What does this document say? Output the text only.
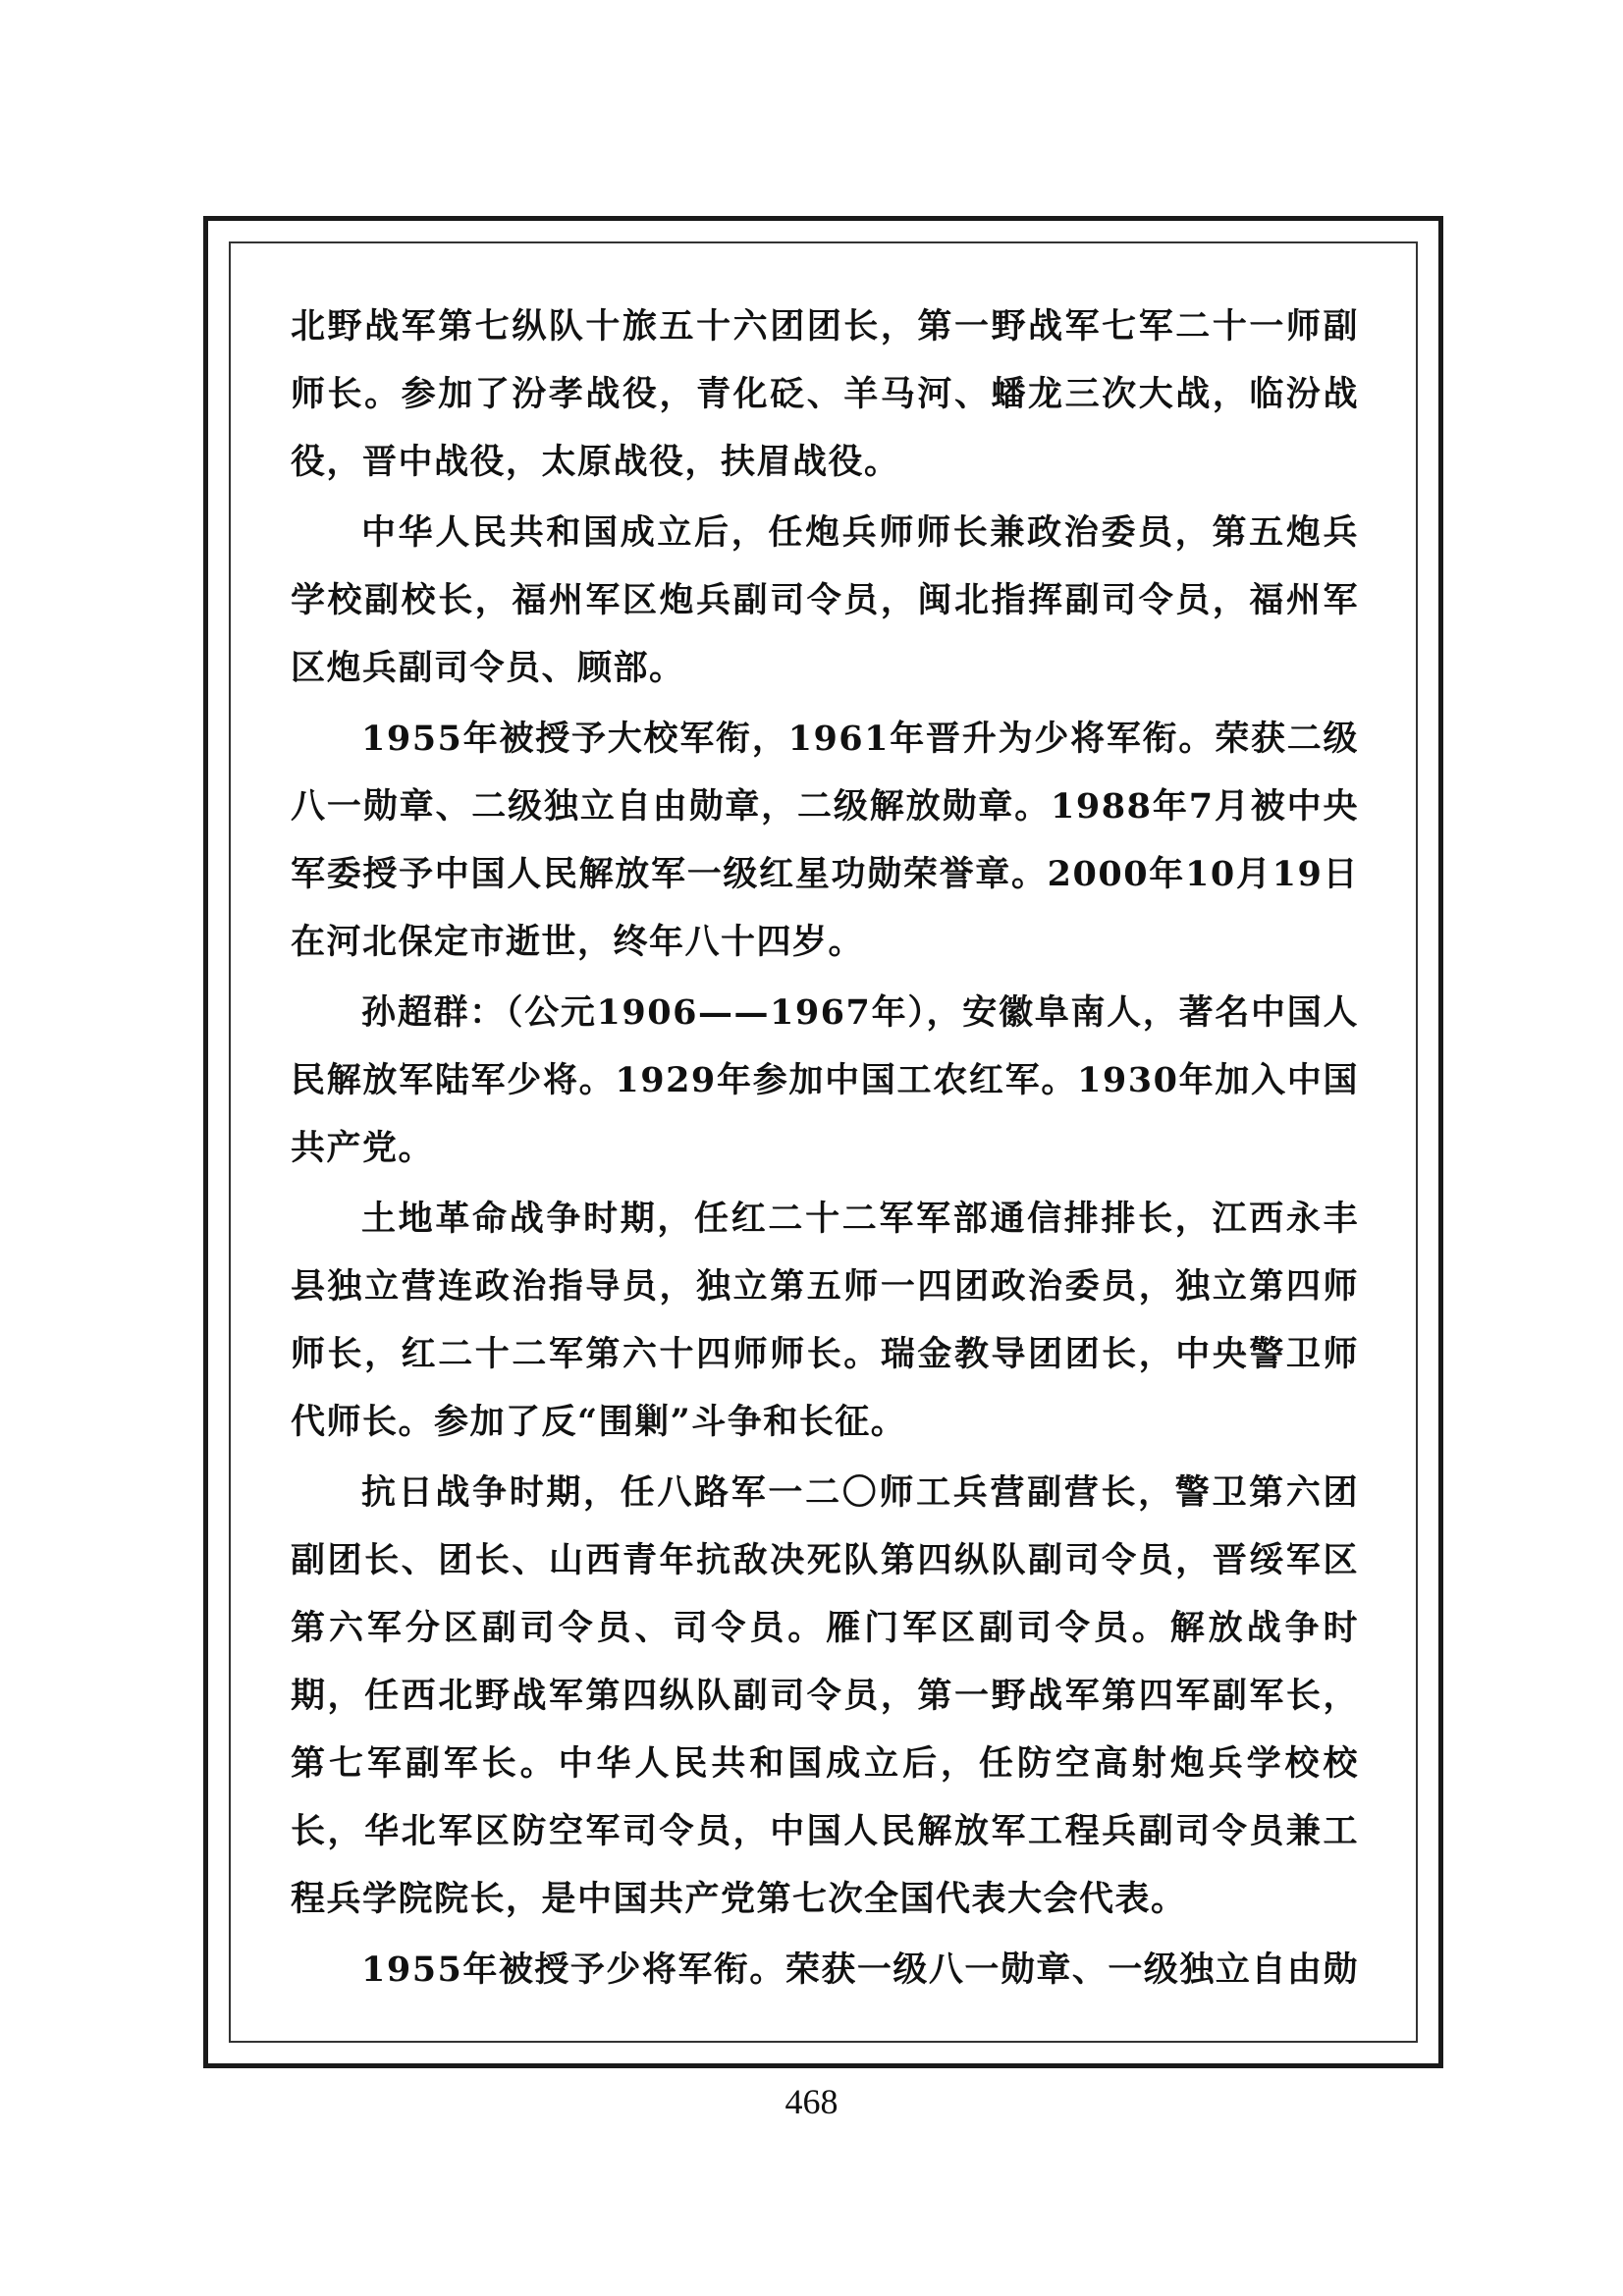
北野战军第七纵队十旅五十六团团长，第一野战军七军二十一师副师长。参加了汾孝战役，青化砭、羊马河、蟠龙三次大战，临汾战役，晋中战役，太原战役，扶眉战役。

中华人民共和国成立后，任炮兵师师长兼政治委员，第五炮兵学校副校长，福州军区炮兵副司令员，闽北指挥副司令员，福州军区炮兵副司令员、顾部。

1955年被授予大校军衔，1961年晋升为少将军衔。荣获二级八一勋章、二级独立自由勋章，二级解放勋章。1988年7月被中央军委授予中国人民解放军一级红星功勋荣誉章。2000年10月19日在河北保定市逝世，终年八十四岁。

孙超群：（公元1906——1967年），安徽阜南人，著名中国人民解放军陆军少将。1929年参加中国工农红军。1930年加入中国共产党。

土地革命战争时期，任红二十二军军部通信排排长，江西永丰县独立营连政治指导员，独立第五师一四团政治委员，独立第四师师长，红二十二军第六十四师师长。瑞金教导团团长，中央警卫师代师长。参加了反“围剿”斗争和长征。

抗日战争时期，任八路军一二〇师工兵营副营长，警卫第六团副团长、团长、山西青年抗敌决死队第四纵队副司令员，晋绥军区第六军分区副司令员、司令员。雁门军区副司令员。解放战争时期，任西北野战军第四纵队副司令员，第一野战军第四军副军长，第七军副军长。中华人民共和国成立后，任防空高射炮兵学校校长，华北军区防空军司令员，中国人民解放军工程兵副司令员兼工程兵学院院长，是中国共产党第七次全国代表大会代表。

1955年被授予少将军衔。荣获一级八一勋章、一级独立自由勋

468
